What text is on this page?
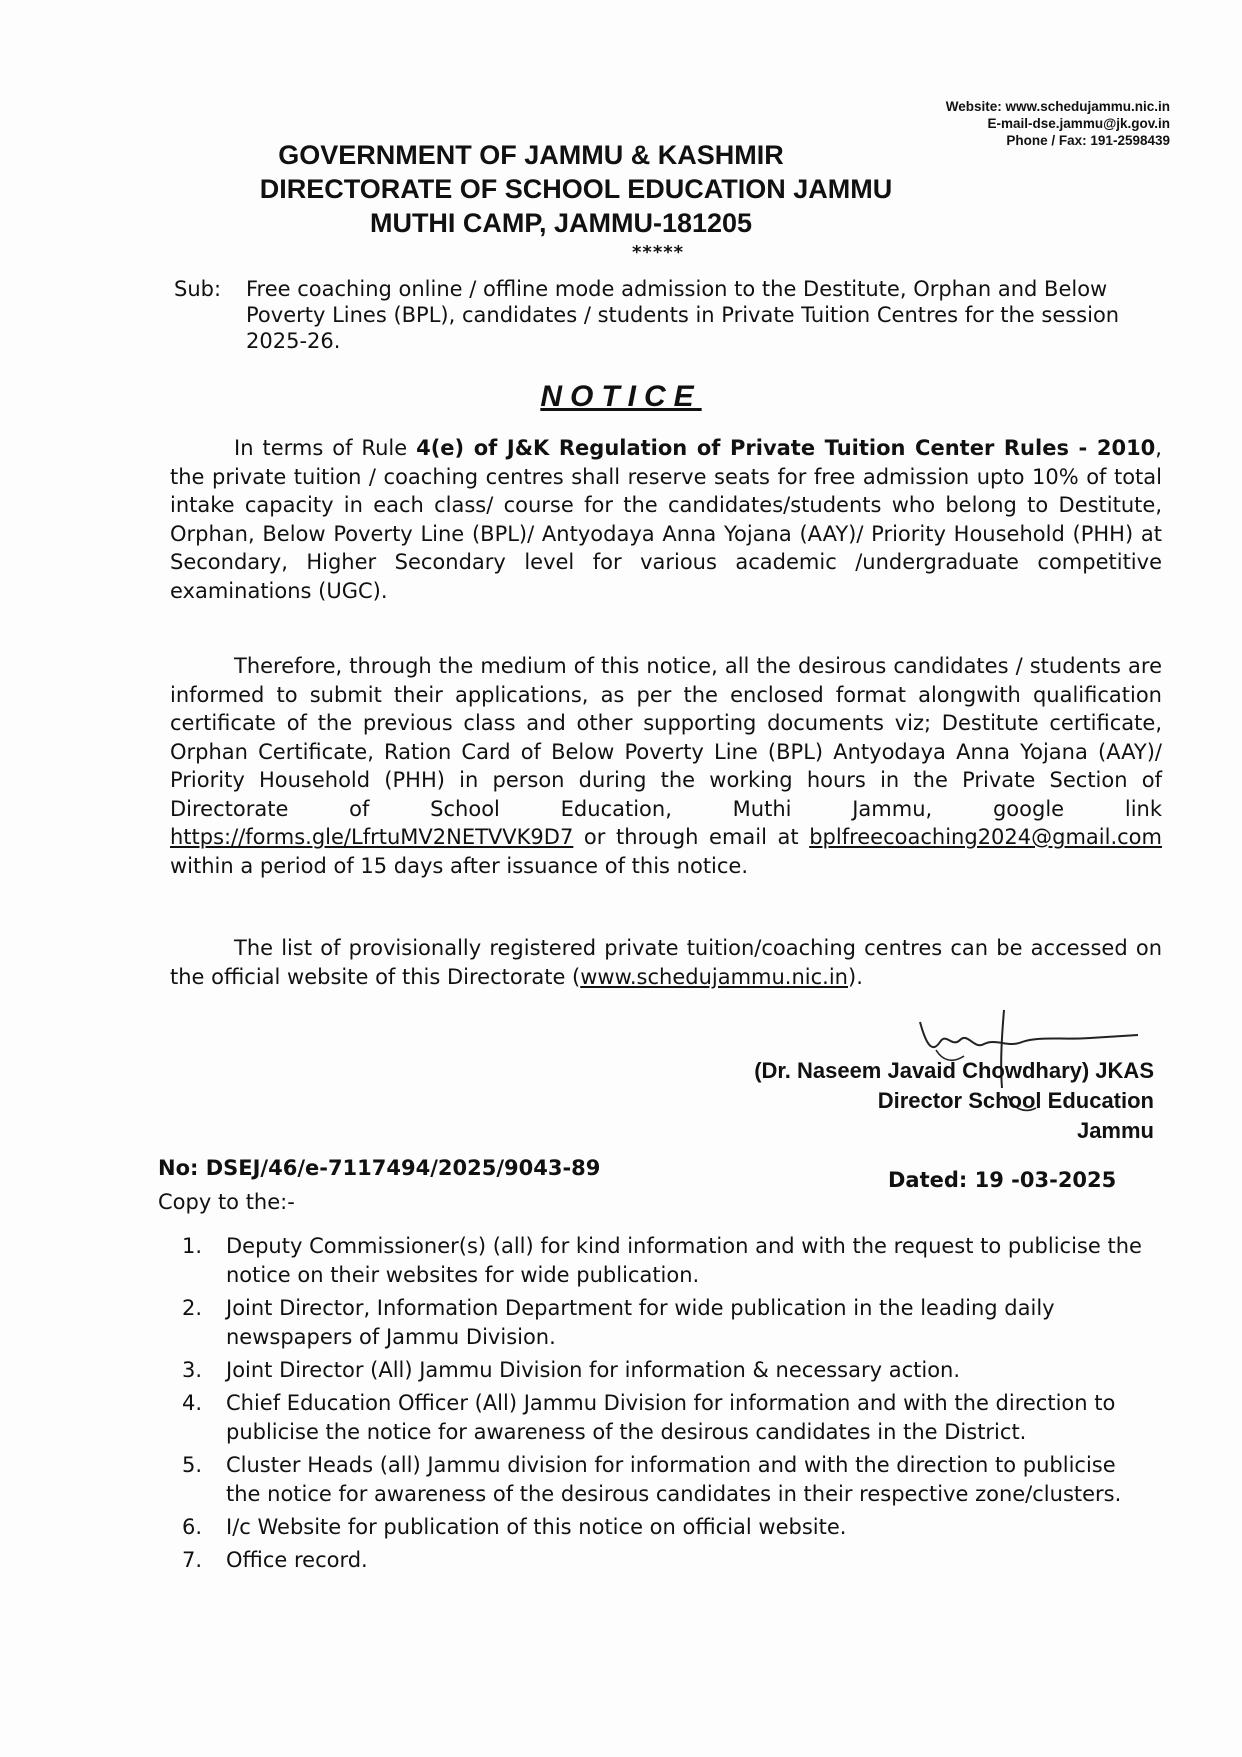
Website: www.schedujammu.nic.in
E-mail-dse.jammu@jk.gov.in
Phone / Fax: 191-2598439
GOVERNMENT OF JAMMU & KASHMIR
DIRECTORATE OF SCHOOL EDUCATION JAMMU
MUTHI CAMP, JAMMU-181205
*****
Sub: Free coaching online / offline mode admission to the Destitute, Orphan and Below Poverty Lines (BPL), candidates / students in Private Tuition Centres for the session 2025-26.
NOTICE
In terms of Rule 4(e) of J&K Regulation of Private Tuition Center Rules - 2010, the private tuition / coaching centres shall reserve seats for free admission upto 10% of total intake capacity in each class/ course for the candidates/students who belong to Destitute, Orphan, Below Poverty Line (BPL)/ Antyodaya Anna Yojana (AAY)/ Priority Household (PHH) at Secondary, Higher Secondary level for various academic /undergraduate competitive examinations (UGC).
Therefore, through the medium of this notice, all the desirous candidates / students are informed to submit their applications, as per the enclosed format alongwith qualification certificate of the previous class and other supporting documents viz; Destitute certificate, Orphan Certificate, Ration Card of Below Poverty Line (BPL) Antyodaya Anna Yojana (AAY)/ Priority Household (PHH) in person during the working hours in the Private Section of Directorate of School Education, Muthi Jammu, google link https://forms.gle/LfrtuMV2NETVVK9D7 or through email at bplfreecoaching2024@gmail.com within a period of 15 days after issuance of this notice.
The list of provisionally registered private tuition/coaching centres can be accessed on the official website of this Directorate (www.schedujammu.nic.in).
(Dr. Naseem Javaid Chowdhary) JKAS
Director School Education
Jammu
No: DSEJ/46/e-7117494/2025/9043-89	Dated: 19 -03-2025
Copy to the:-
1. Deputy Commissioner(s) (all) for kind information and with the request to publicise the notice on their websites for wide publication.
2. Joint Director, Information Department for wide publication in the leading daily newspapers of Jammu Division.
3. Joint Director (All) Jammu Division for information & necessary action.
4. Chief Education Officer (All) Jammu Division for information and with the direction to publicise the notice for awareness of the desirous candidates in the District.
5. Cluster Heads (all) Jammu division for information and with the direction to publicise the notice for awareness of the desirous candidates in their respective zone/clusters.
6. I/c Website for publication of this notice on official website.
7. Office record.
